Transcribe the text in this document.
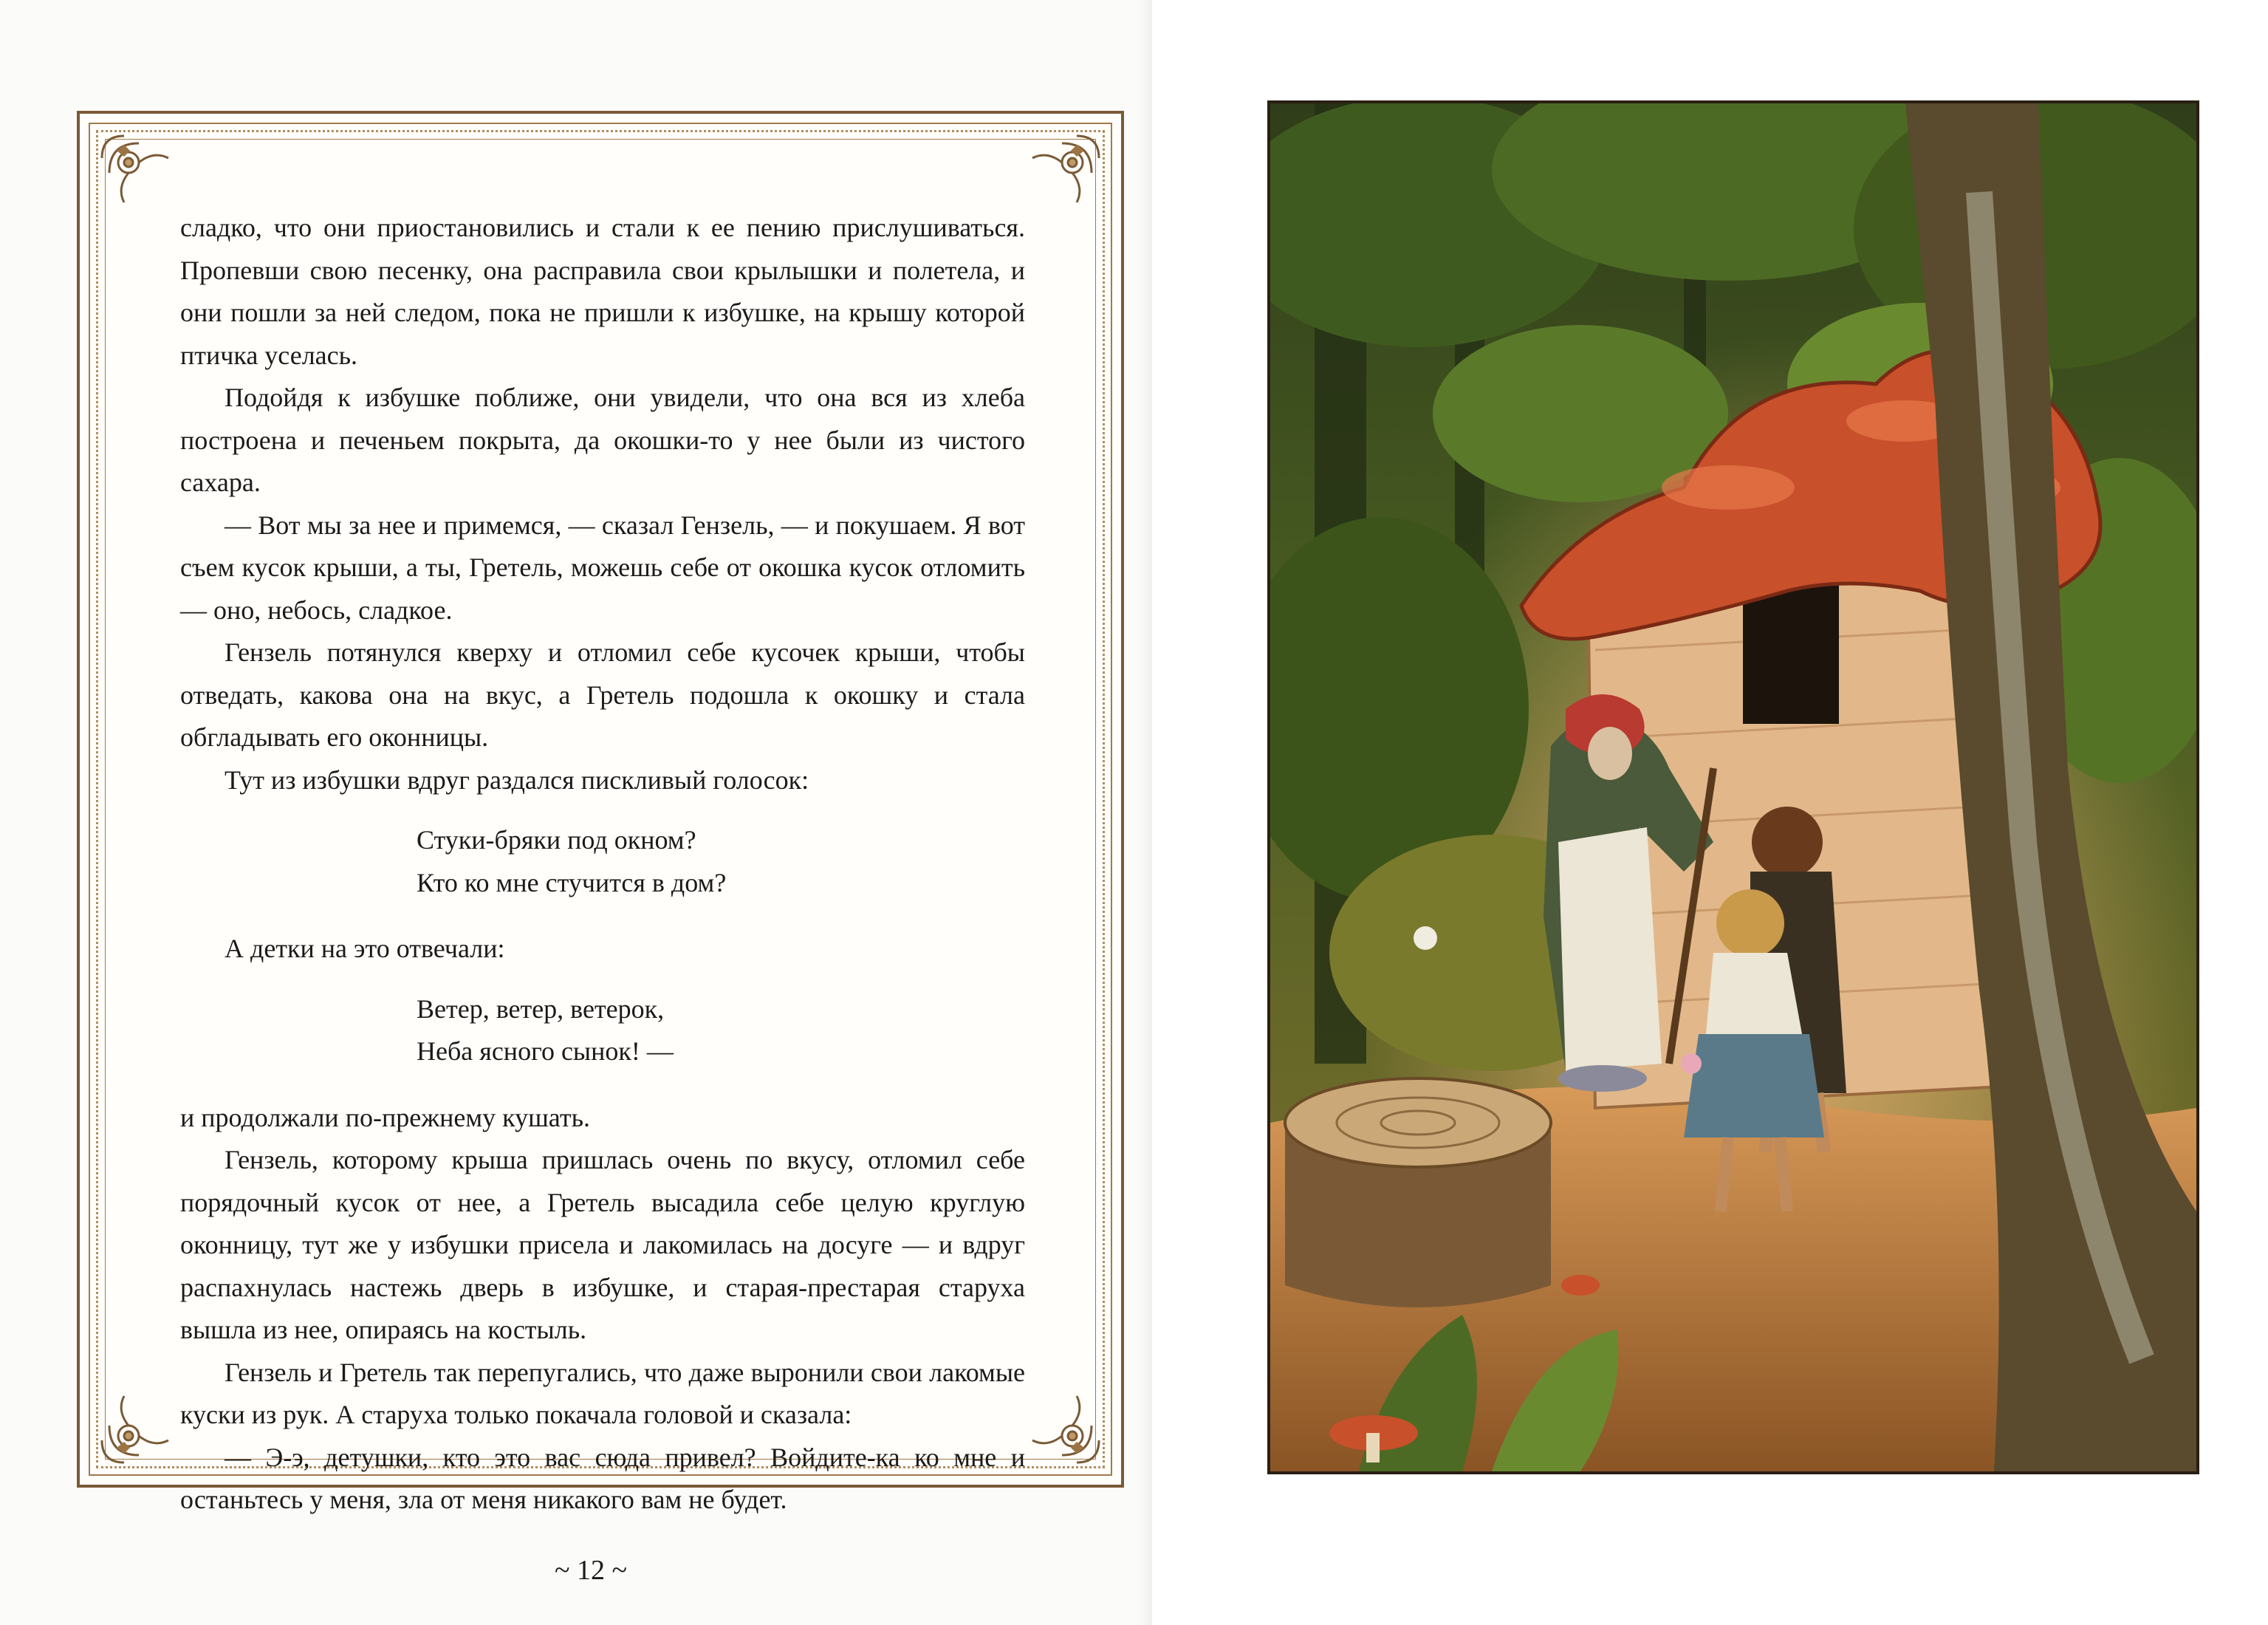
сладко, что они приостановились и стали к ее пению прислушиваться. Пропевши свою песенку, она расправила свои крылышки и полетела, и они пошли за ней следом, пока не пришли к избушке, на крышу которой птичка уселась.

Подойдя к избушке поближе, они увидели, что она вся из хлеба построена и печеньем покрыта, да окошки-то у нее были из чистого сахара.

— Вот мы за нее и примемся, — сказал Гензель, — и покушаем. Я вот съем кусок крыши, а ты, Гретель, можешь себе от окошка кусок отломить — оно, небось, сладкое.

Гензель потянулся кверху и отломил себе кусочек крыши, чтобы отведать, какова она на вкус, а Гретель подошла к окошку и стала обгладывать его оконницы.

Тут из избушки вдруг раздался пискливый голосок:

Стуки-бряки под окном?
Кто ко мне стучится в дом?

А детки на это отвечали:

Ветер, ветер, ветерок,
Неба ясного сынок! —

и продолжали по-прежнему кушать.

Гензель, которому крыша пришлась очень по вкусу, отломил себе порядочный кусок от нее, а Гретель высадила себе целую круглую оконницу, тут же у избушки присела и лакомилась на досуге — и вдруг распахнулась настежь дверь в избушке, и старая-престарая старуха вышла из нее, опираясь на костыль.

Гензель и Гретель так перепугались, что даже выронили свои лакомые куски из рук. А старуха только покачала головой и сказала:

— Э-э, детушки, кто это вас сюда привел? Войдите-ка ко мне и останьтесь у меня, зла от меня никакого вам не будет.

~ 12 ~
